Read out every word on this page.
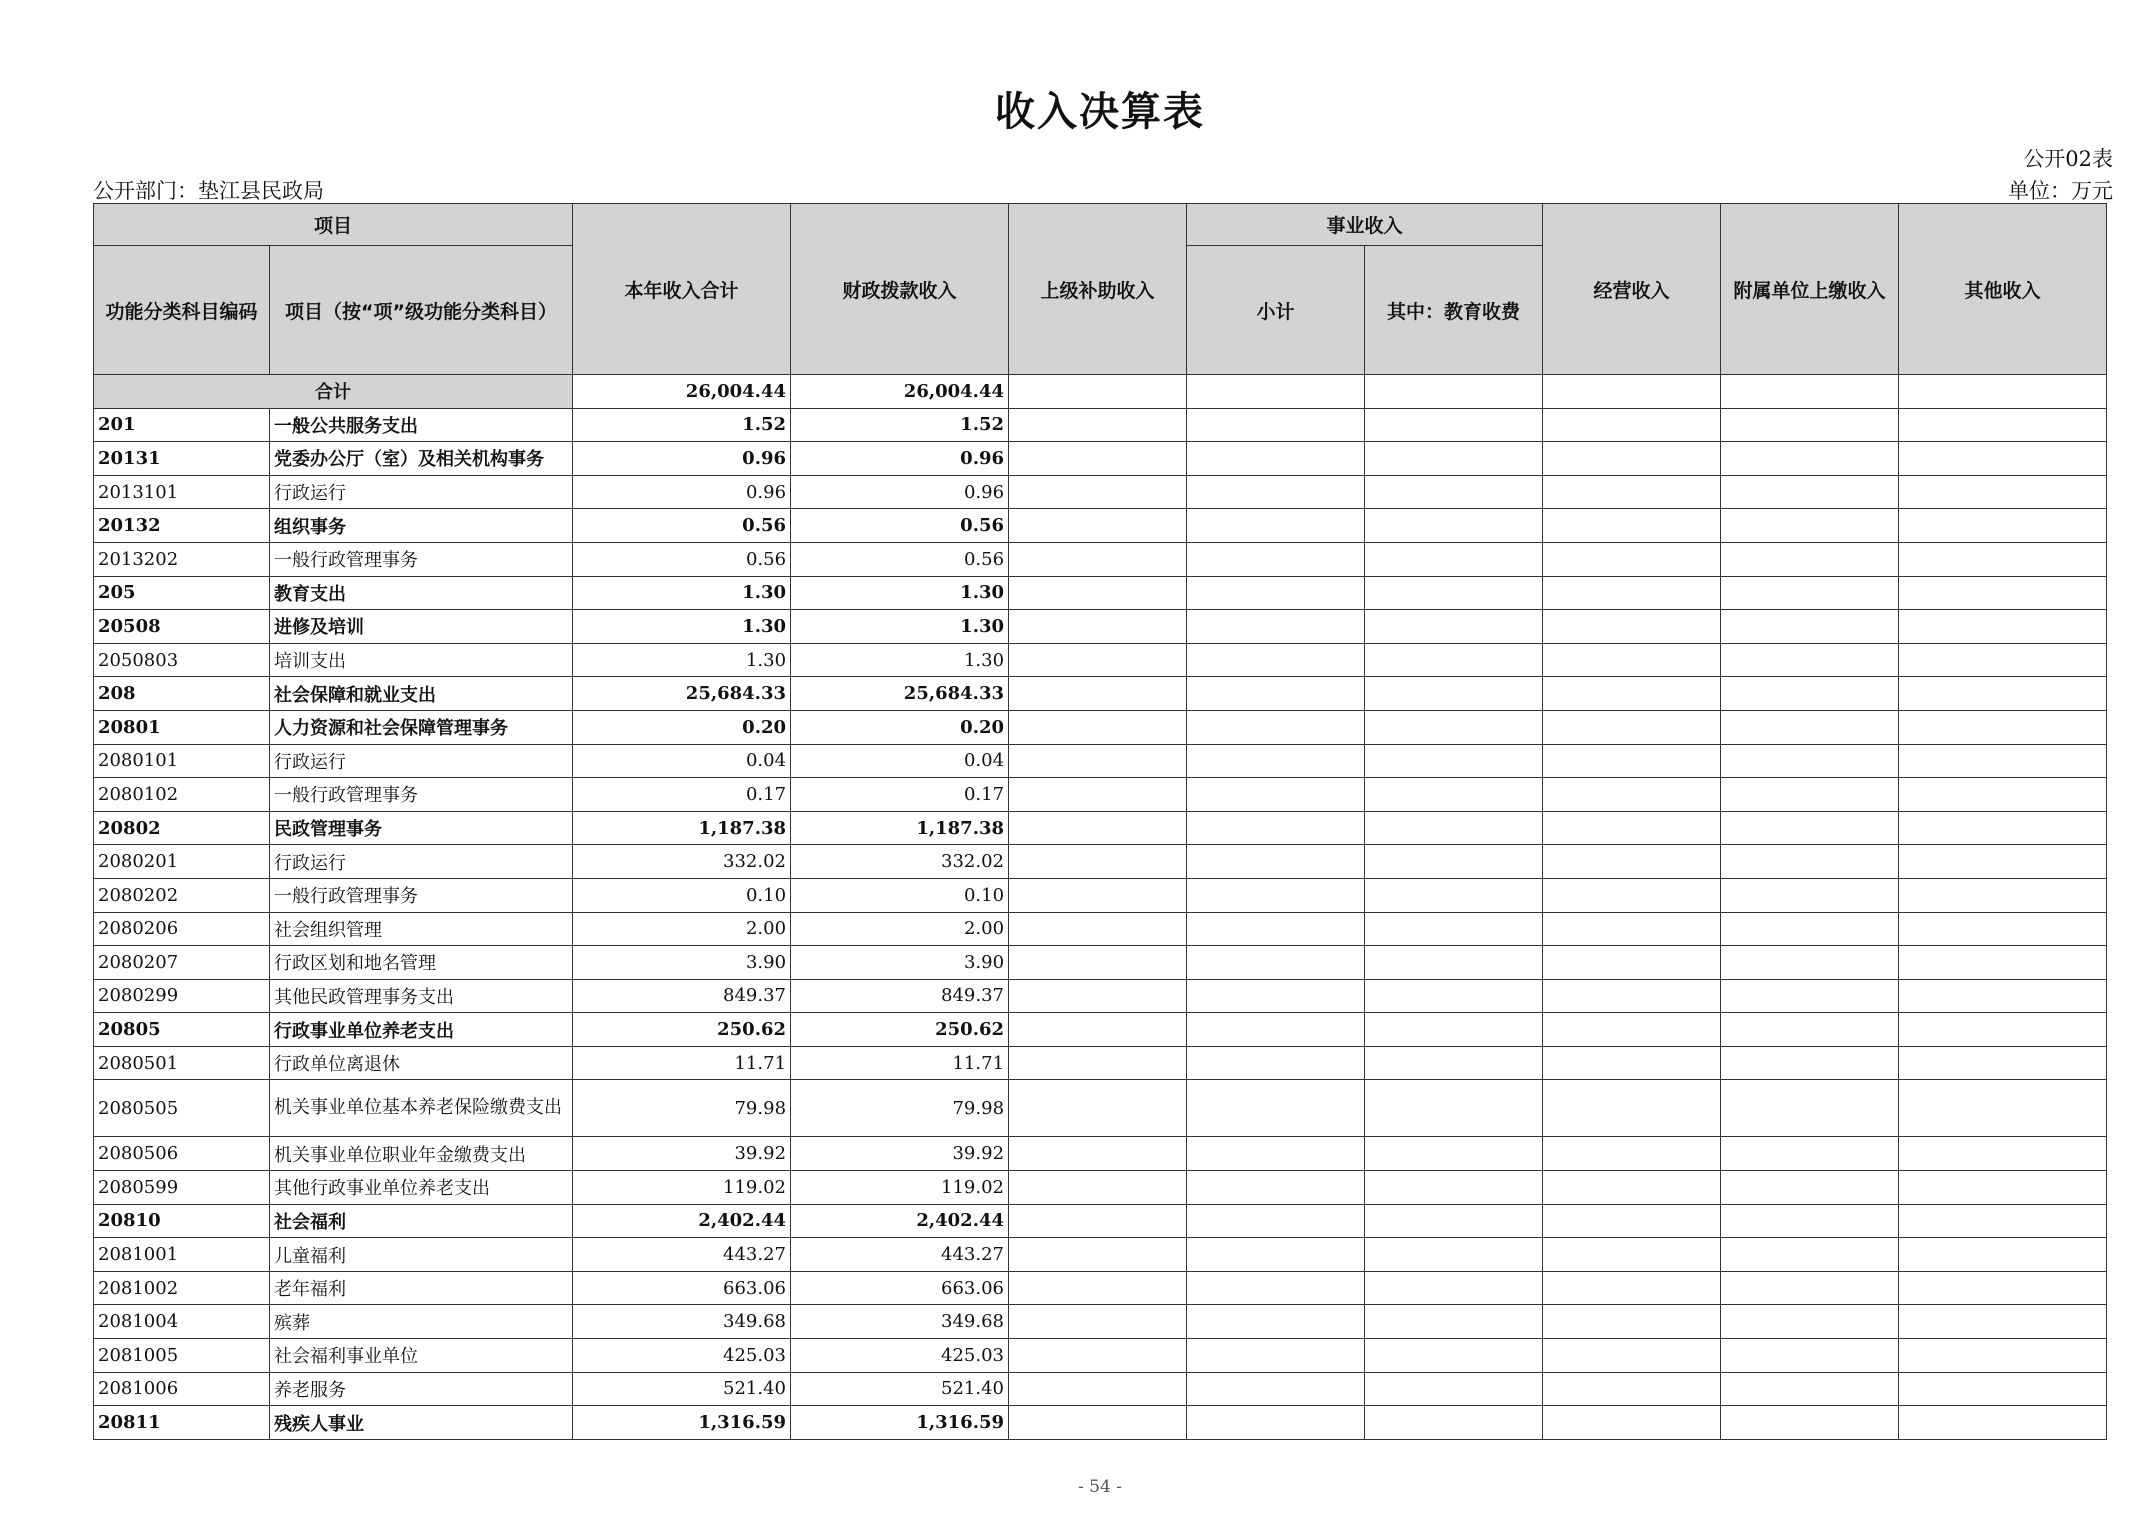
收入决算表
公开02表
公开部门：垫江县民政局	单位：万元
项目		本年收入合计	财政拨款收入	上级补助收入	事业收入		经营收入	附属单位上缴收入	其他收入
功能分类科目编码	项目（按“项”级功能分类科目）				小计	其中：教育收费			
合计		26,004.44	26,004.44						
201	一般公共服务支出	1.52	1.52						
20131	党委办公厅（室）及相关机构事务	0.96	0.96						
2013101	行政运行	0.96	0.96						
20132	组织事务	0.56	0.56						
2013202	一般行政管理事务	0.56	0.56						
205	教育支出	1.30	1.30						
20508	进修及培训	1.30	1.30						
2050803	培训支出	1.30	1.30						
208	社会保障和就业支出	25,684.33	25,684.33						
20801	人力资源和社会保障管理事务	0.20	0.20						
2080101	行政运行	0.04	0.04						
2080102	一般行政管理事务	0.17	0.17						
20802	民政管理事务	1,187.38	1,187.38						
2080201	行政运行	332.02	332.02						
2080202	一般行政管理事务	0.10	0.10						
2080206	社会组织管理	2.00	2.00						
2080207	行政区划和地名管理	3.90	3.90						
2080299	其他民政管理事务支出	849.37	849.37						
20805	行政事业单位养老支出	250.62	250.62						
2080501	行政单位离退休	11.71	11.71						
2080505	机关事业单位基本养老保险缴费支出	79.98	79.98						
2080506	机关事业单位职业年金缴费支出	39.92	39.92						
2080599	其他行政事业单位养老支出	119.02	119.02						
20810	社会福利	2,402.44	2,402.44						
2081001	儿童福利	443.27	443.27						
2081002	老年福利	663.06	663.06						
2081004	殡葬	349.68	349.68						
2081005	社会福利事业单位	425.03	425.03						
2081006	养老服务	521.40	521.40						
20811	残疾人事业	1,316.59	1,316.59						
- 54 -
